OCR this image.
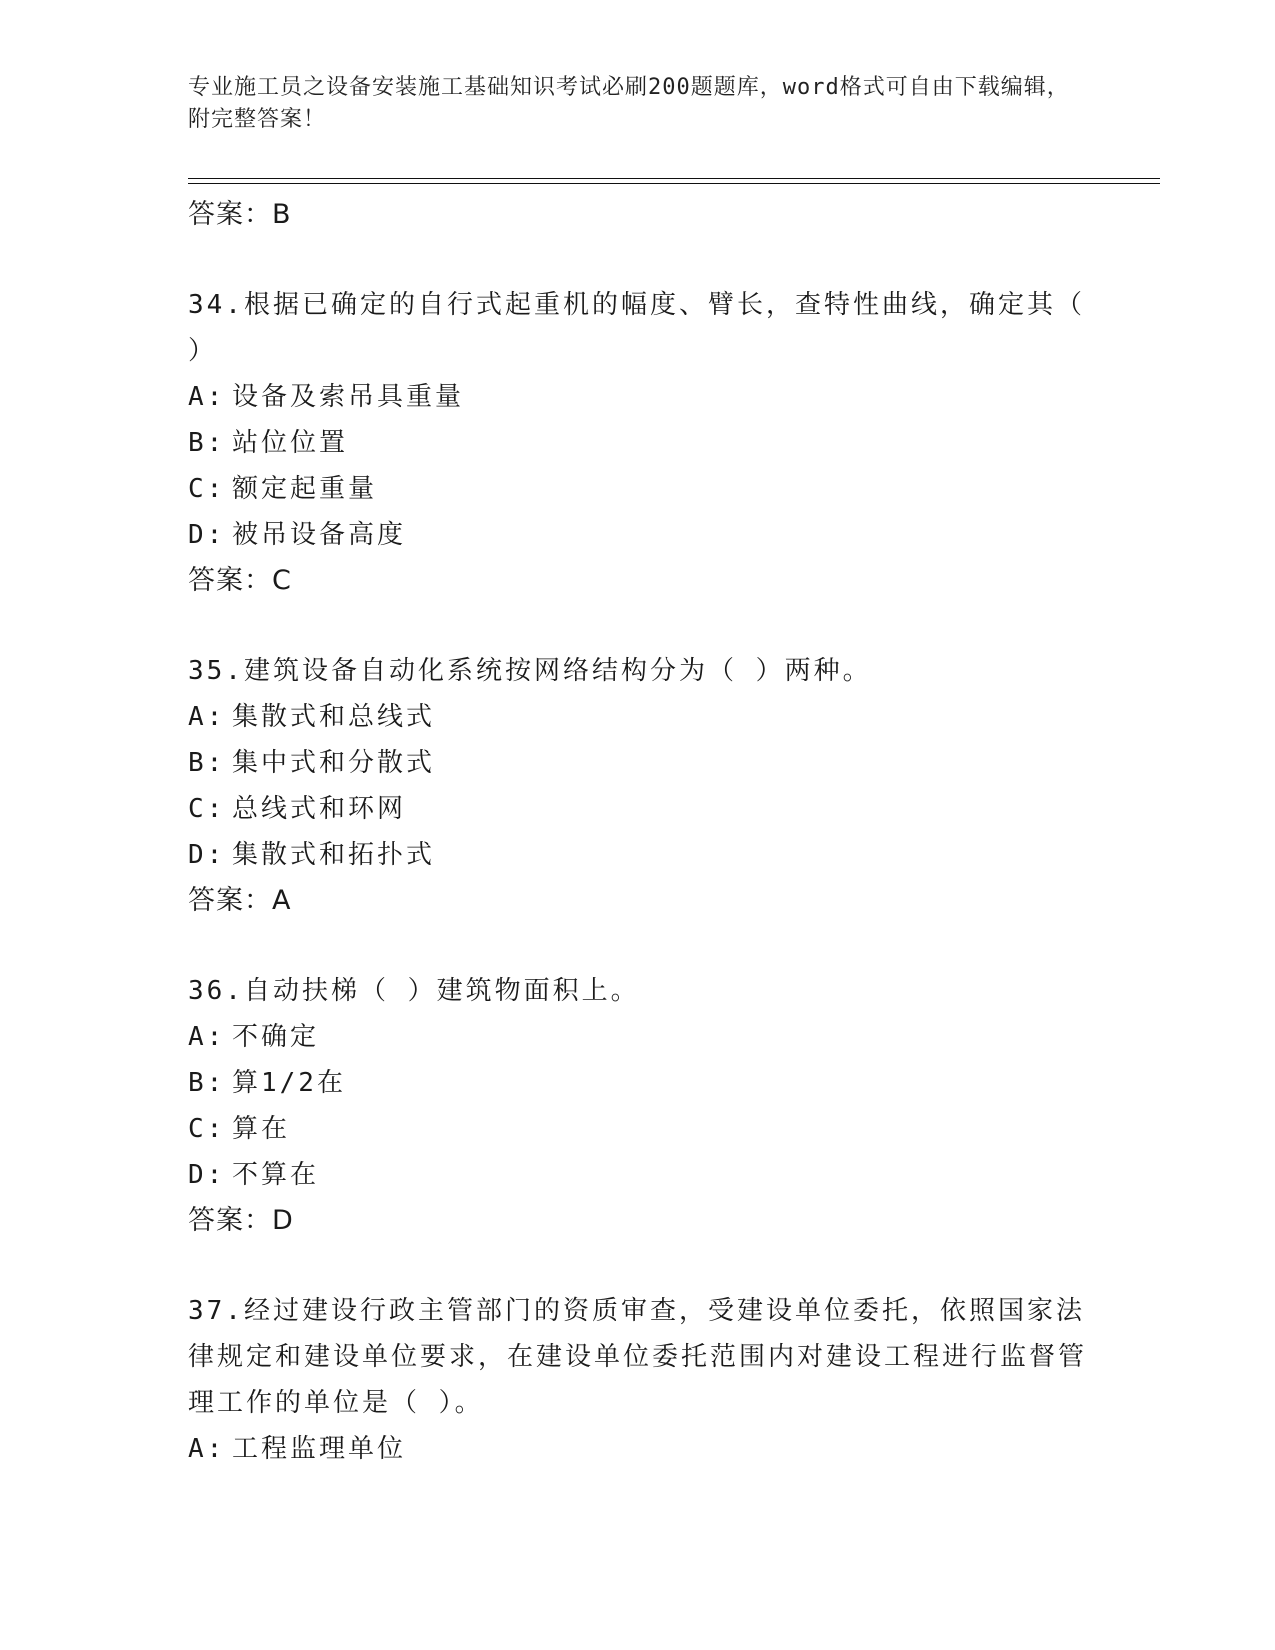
专业施工员之设备安装施工基础知识考试必刷200题题库，word格式可自由下载编辑，附完整答案！
答案：B
34.根据已确定的自行式起重机的幅度、臂长，查特性曲线，确定其（ ）
A: 设备及索吊具重量
B: 站位位置
C: 额定起重量
D: 被吊设备高度
答案：C
35.建筑设备自动化系统按网络结构分为（ ）两种。
A: 集散式和总线式
B: 集中式和分散式
C: 总线式和环网
D: 集散式和拓扑式
答案：A
36.自动扶梯（ ）建筑物面积上。
A: 不确定
B: 算1/2在
C: 算在
D: 不算在
答案：D
37.经过建设行政主管部门的资质审查，受建设单位委托，依照国家法律规定和建设单位要求，在建设单位委托范围内对建设工程进行监督管理工作的单位是（ ）。
A: 工程监理单位
